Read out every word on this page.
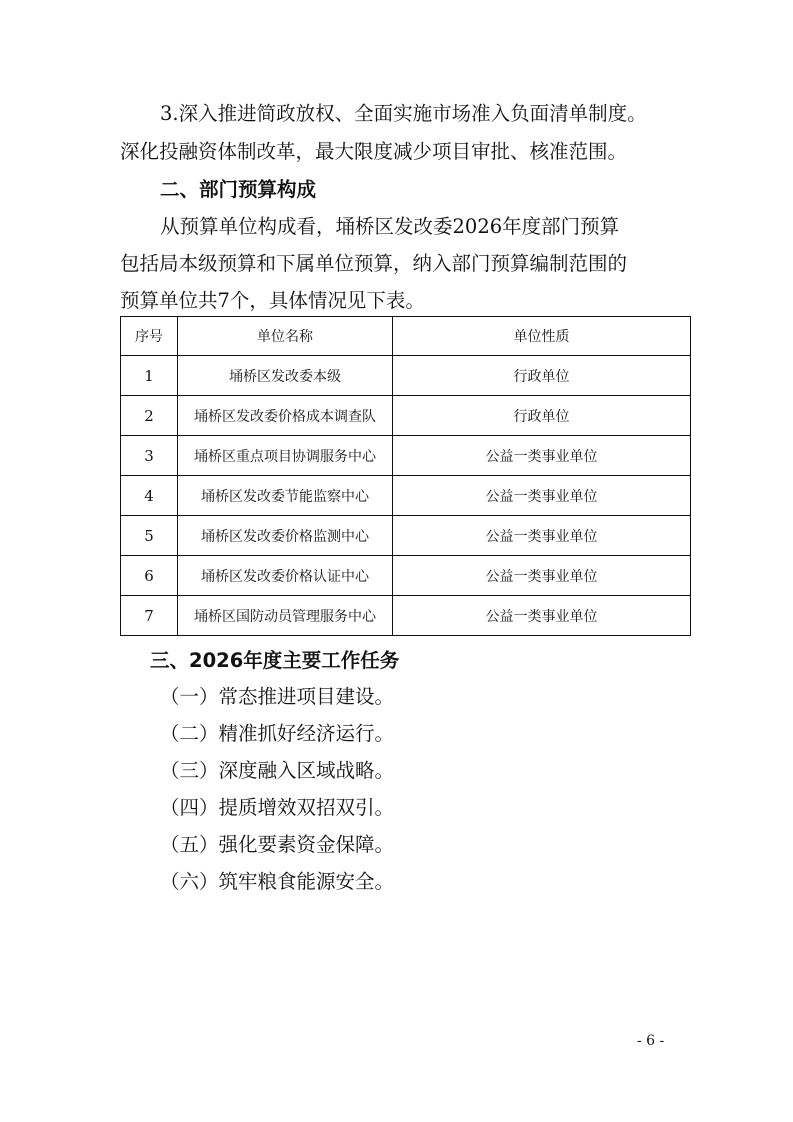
3.深入推进简政放权、全面实施市场准入负面清单制度。
深化投融资体制改革，最大限度减少项目审批、核准范围。
二、部门预算构成
从预算单位构成看，埇桥区发改委2026年度部门预算
包括局本级预算和下属单位预算，纳入部门预算编制范围的
预算单位共7个，具体情况见下表。
序号	单位名称	单位性质
1	埇桥区发改委本级	行政单位
2	埇桥区发改委价格成本调查队	行政单位
3	埇桥区重点项目协调服务中心	公益一类事业单位
4	埇桥区发改委节能监察中心	公益一类事业单位
5	埇桥区发改委价格监测中心	公益一类事业单位
6	埇桥区发改委价格认证中心	公益一类事业单位
7	埇桥区国防动员管理服务中心	公益一类事业单位
三、2026年度主要工作任务
（一）常态推进项目建设。
（二）精准抓好经济运行。
（三）深度融入区域战略。
（四）提质增效双招双引。
（五）强化要素资金保障。
（六）筑牢粮食能源安全。
- 6 -
